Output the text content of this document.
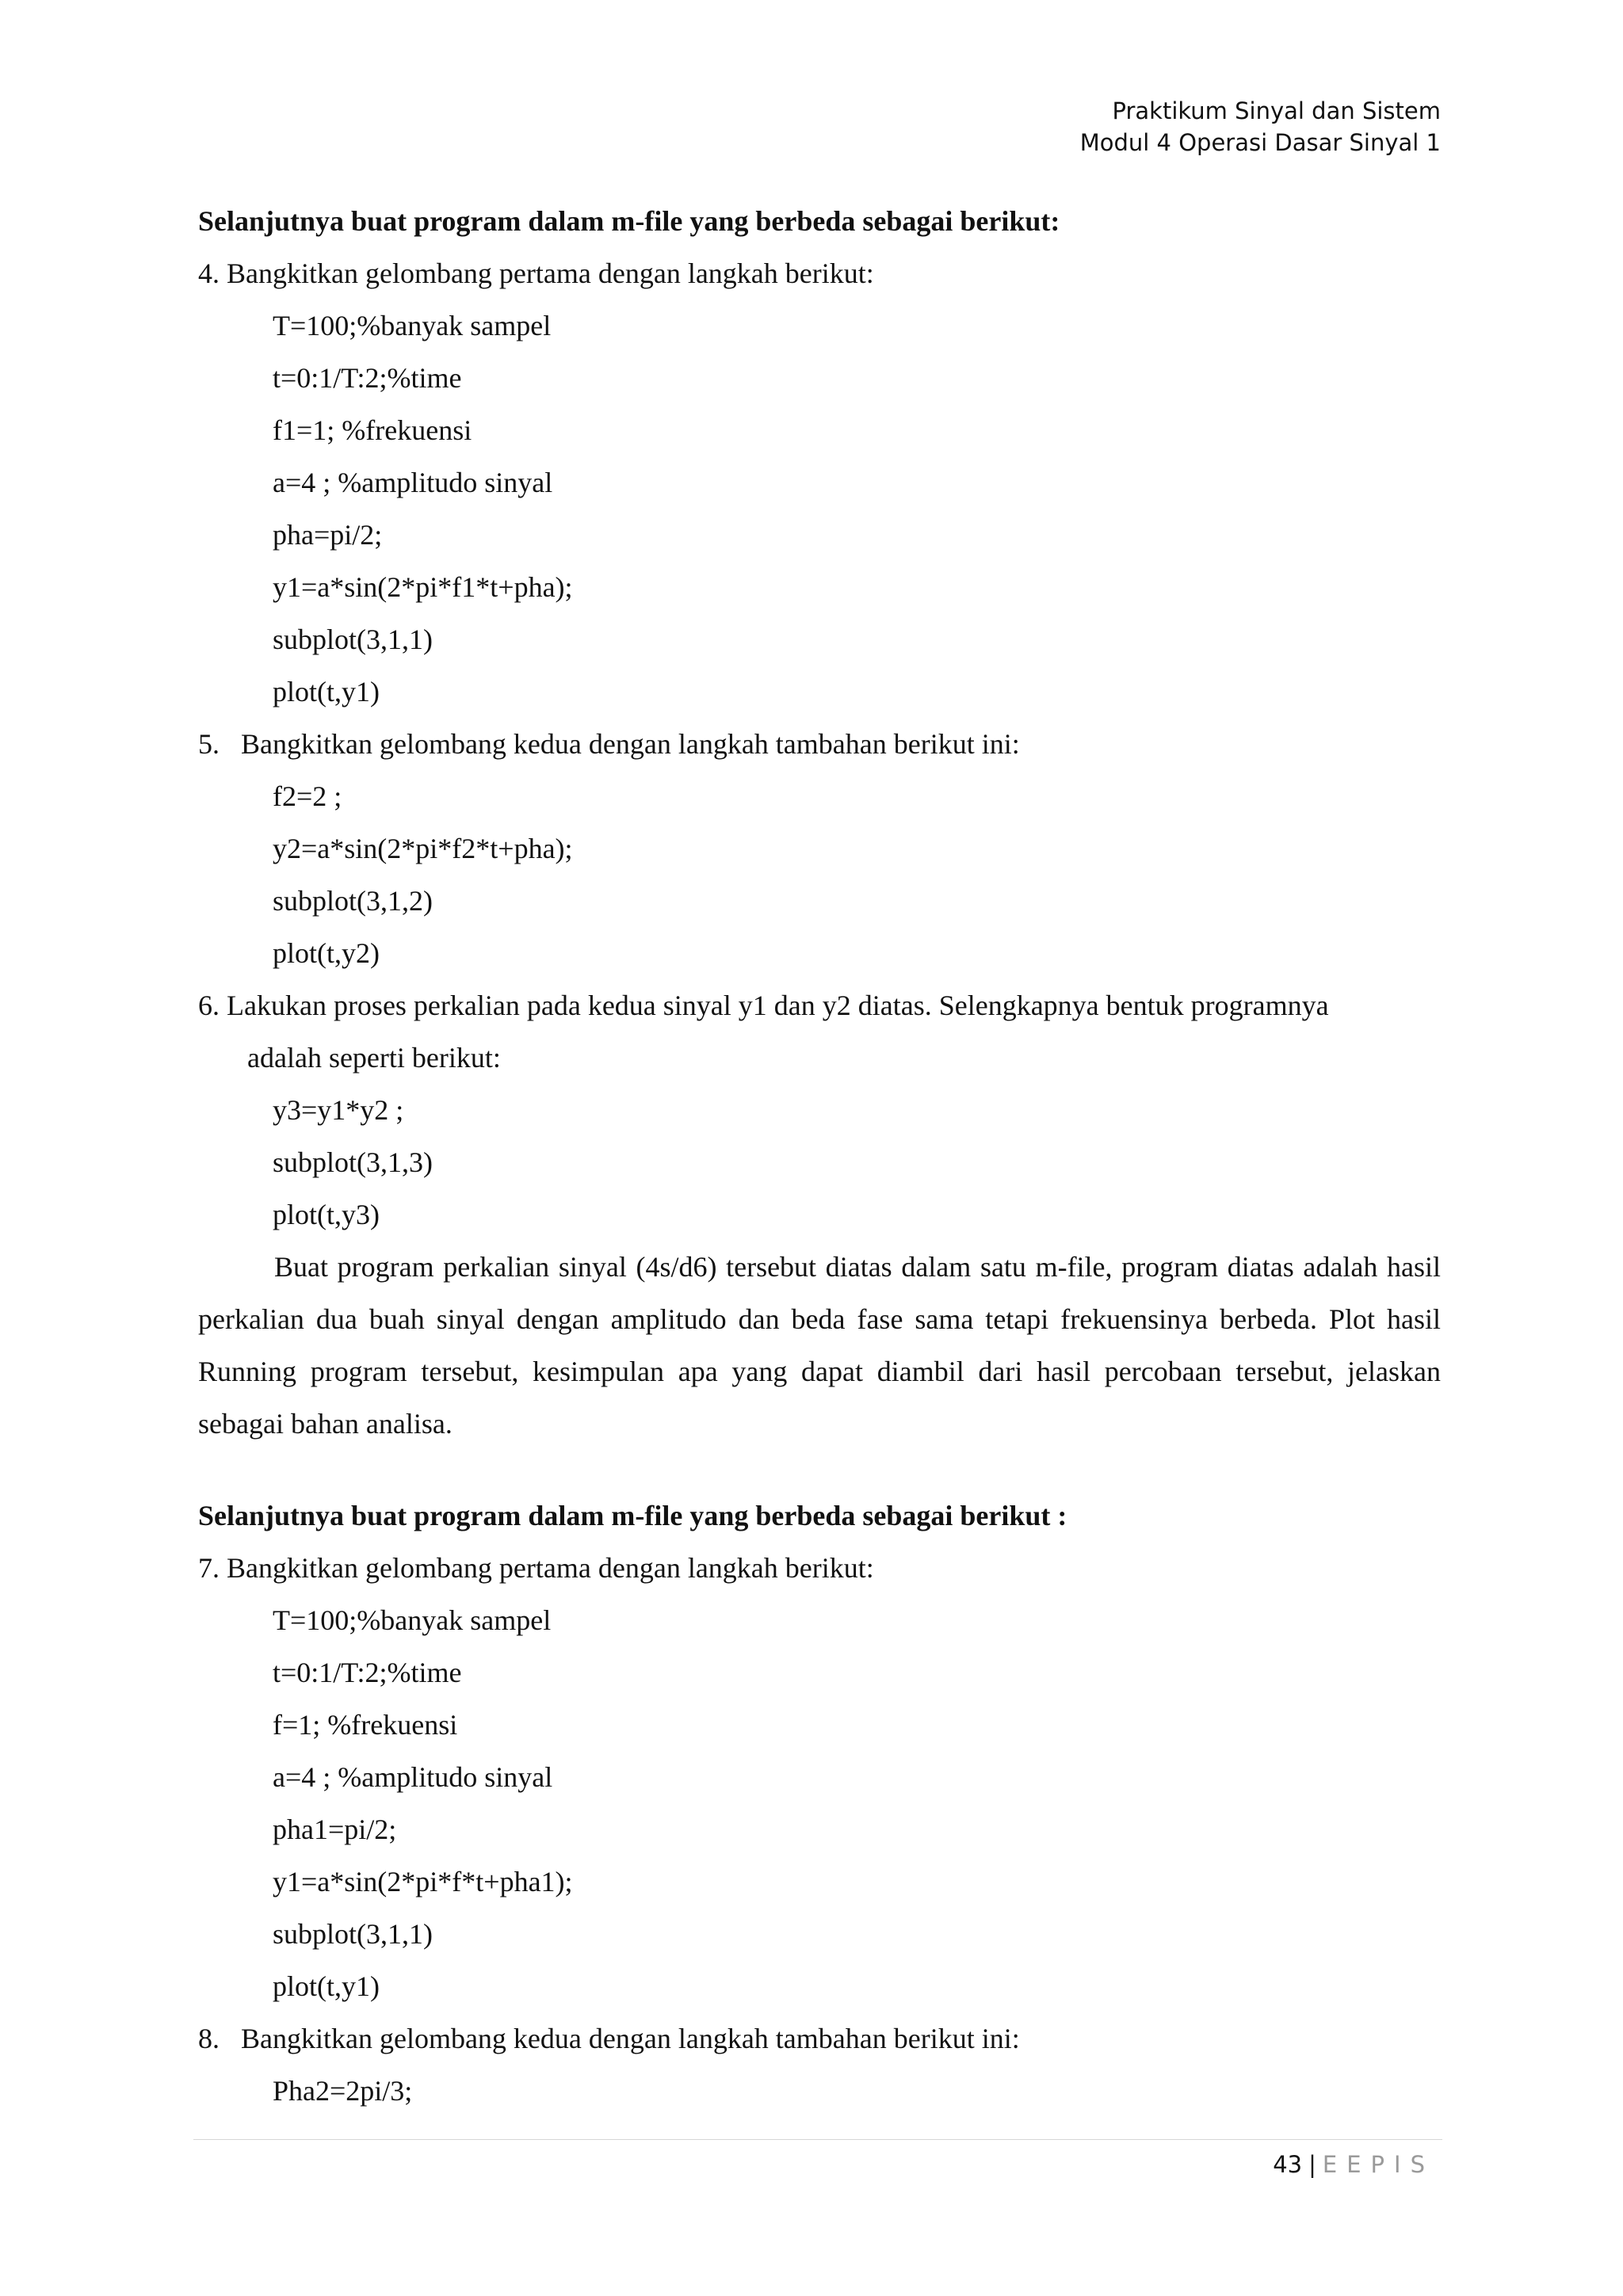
Praktikum Sinyal dan Sistem
Modul 4 Operasi Dasar Sinyal 1
Selanjutnya buat program dalam m-file yang berbeda sebagai berikut:
4. Bangkitkan gelombang pertama dengan langkah berikut:
T=100;%banyak sampel
t=0:1/T:2;%time
f1=1; %frekuensi
a=4 ; %amplitudo sinyal
pha=pi/2;
y1=a*sin(2*pi*f1*t+pha);
subplot(3,1,1)
plot(t,y1)
5.   Bangkitkan gelombang kedua dengan langkah tambahan berikut ini:
f2=2 ;
y2=a*sin(2*pi*f2*t+pha);
subplot(3,1,2)
plot(t,y2)
6. Lakukan proses perkalian pada kedua sinyal y1 dan y2 diatas. Selengkapnya bentuk programnya
adalah seperti berikut:
y3=y1*y2 ;
subplot(3,1,3)
plot(t,y3)
Buat program perkalian sinyal (4s/d6) tersebut diatas dalam satu m-file, program diatas adalah hasil perkalian dua buah sinyal dengan amplitudo dan beda fase sama tetapi frekuensinya berbeda. Plot hasil Running program tersebut, kesimpulan apa yang dapat diambil dari hasil percobaan tersebut, jelaskan sebagai bahan analisa.
Selanjutnya buat program dalam m-file yang berbeda sebagai berikut :
7. Bangkitkan gelombang pertama dengan langkah berikut:
T=100;%banyak sampel
t=0:1/T:2;%time
f=1; %frekuensi
a=4 ; %amplitudo sinyal
pha1=pi/2;
y1=a*sin(2*pi*f*t+pha1);
subplot(3,1,1)
plot(t,y1)
8.   Bangkitkan gelombang kedua dengan langkah tambahan berikut ini:
Pha2=2pi/3;
43 | EEPIS
